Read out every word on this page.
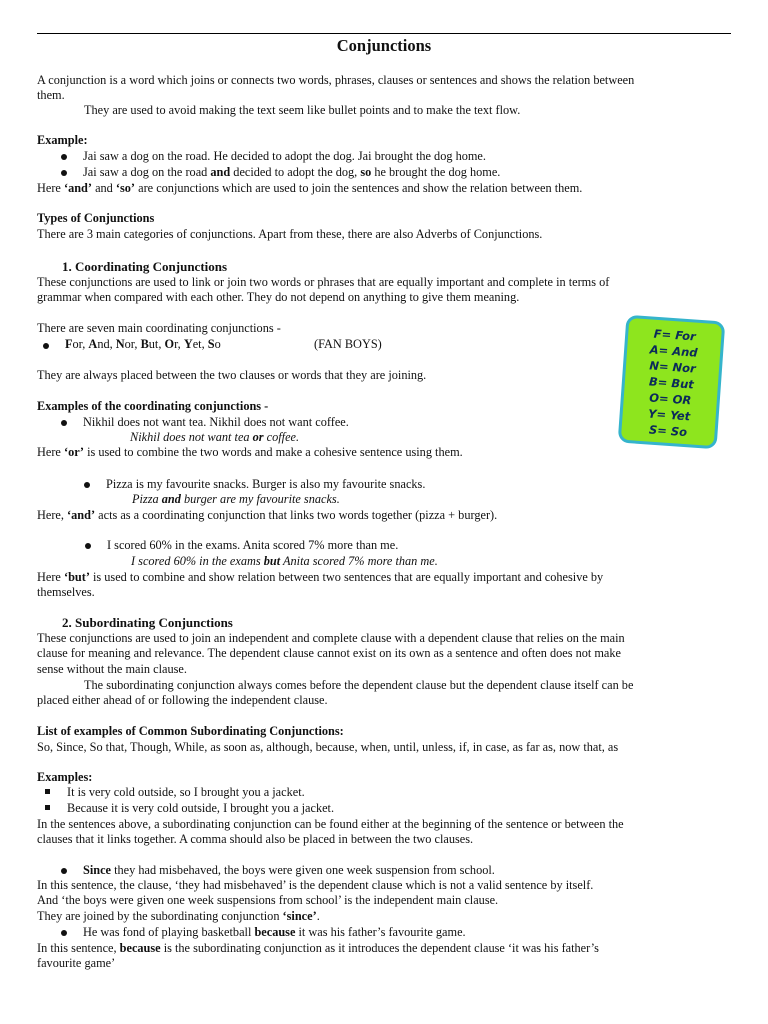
Conjunctions
A conjunction is a word which joins or connects two words, phrases, clauses or sentences and shows the relation between
them.
They are used to avoid making the text seem like bullet points and to make the text flow.
Example:
Jai saw a dog on the road. He decided to adopt the dog. Jai brought the dog home.
Jai saw a dog on the road and decided to adopt the dog, so he brought the dog home.
Here ‘and’ and ‘so’ are conjunctions which are used to join the sentences and show the relation between them.
Types of Conjunctions
There are 3 main categories of conjunctions. Apart from these, there are also Adverbs of Conjunctions.
1. Coordinating Conjunctions
These conjunctions are used to link or join two words or phrases that are equally important and complete in terms of
grammar when compared with each other. They do not depend on anything to give them meaning.
There are seven main coordinating conjunctions -
For, And, Nor, But, Or, Yet, So	(FAN BOYS)
They are always placed between the two clauses or words that they are joining.
Examples of the coordinating conjunctions -
Nikhil does not want tea. Nikhil does not want coffee.
Nikhil does not want tea or coffee.
Here ‘or’ is used to combine the two words and make a cohesive sentence using them.
Pizza is my favourite snacks. Burger is also my favourite snacks.
Pizza and burger are my favourite snacks.
Here, ‘and’ acts as a coordinating conjunction that links two words together (pizza + burger).
I scored 60% in the exams. Anita scored 7% more than me.
I scored 60% in the exams but Anita scored 7% more than me.
Here ‘but’ is used to combine and show relation between two sentences that are equally important and cohesive by
themselves.
F= For
A= And
N= Nor
B= But
O= OR
Y= Yet
S= So
2. Subordinating Conjunctions
These conjunctions are used to join an independent and complete clause with a dependent clause that relies on the main
clause for meaning and relevance. The dependent clause cannot exist on its own as a sentence and often does not make
sense without the main clause.
The subordinating conjunction always comes before the dependent clause but the dependent clause itself can be
placed either ahead of or following the independent clause.
List of examples of Common Subordinating Conjunctions:
So, Since, So that, Though, While, as soon as, although, because, when, until, unless, if, in case, as far as, now that, as
Examples:
It is very cold outside, so I brought you a jacket.
Because it is very cold outside, I brought you a jacket.
In the sentences above, a subordinating conjunction can be found either at the beginning of the sentence or between the
clauses that it links together. A comma should also be placed in between the two clauses.
Since they had misbehaved, the boys were given one week suspension from school.
In this sentence, the clause, ‘they had misbehaved’ is the dependent clause which is not a valid sentence by itself.
And ‘the boys were given one week suspensions from school’ is the independent main clause.
They are joined by the subordinating conjunction ‘since’.
He was fond of playing basketball because it was his father’s favourite game.
In this sentence, because is the subordinating conjunction as it introduces the dependent clause ‘it was his father’s
favourite game’
